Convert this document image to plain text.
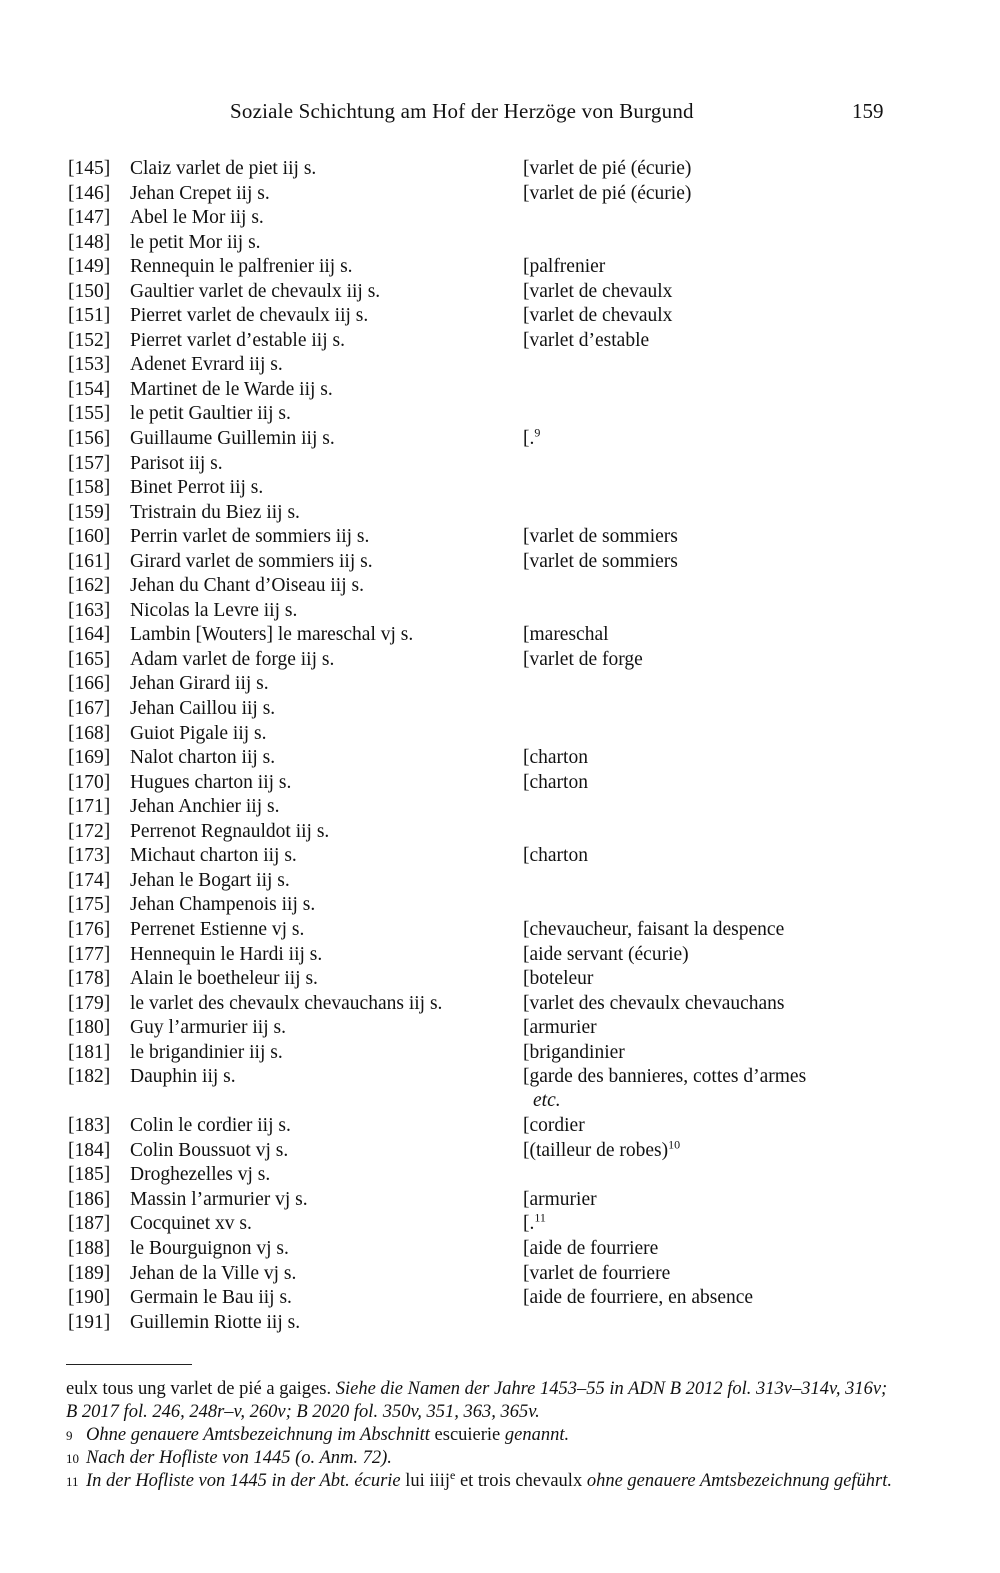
Soziale Schichtung am Hof der Herzöge von Burgund	159
[145] Claiz varlet de piet iij s.	[varlet de pié (écurie)
[146] Jehan Crepet iij s.	[varlet de pié (écurie)
[147] Abel le Mor iij s.
[148] le petit Mor iij s.
[149] Rennequin le palfrenier iij s.	[palfrenier
[150] Gaultier varlet de chevaulx iij s.	[varlet de chevaulx
[151] Pierret varlet de chevaulx iij s.	[varlet de chevaulx
[152] Pierret varlet d’estable iij s.	[varlet d’estable
[153] Adenet Evrard iij s.
[154] Martinet de le Warde iij s.
[155] le petit Gaultier iij s.
[156] Guillaume Guillemin iij s.	[.$^9$
[157] Parisot iij s.
[158] Binet Perrot iij s.
[159] Tristrain du Biez iij s.
[160] Perrin varlet de sommiers iij s.	[varlet de sommiers
[161] Girard varlet de sommiers iij s.	[varlet de sommiers
[162] Jehan du Chant d’Oiseau iij s.
[163] Nicolas la Levre iij s.
[164] Lambin [Wouters] le mareschal vj s.	[mareschal
[165] Adam varlet de forge iij s.	[varlet de forge
[166] Jehan Girard iij s.
[167] Jehan Caillou iij s.
[168] Guiot Pigale iij s.
[169] Nalot charton iij s.	[charton
[170] Hugues charton iij s.	[charton
[171] Jehan Anchier iij s.
[172] Perrenot Regnauldot iij s.
[173] Michaut charton iij s.	[charton
[174] Jehan le Bogart iij s.
[175] Jehan Champenois iij s.
[176] Perrenet Estienne vj s.	[chevaucheur, faisant la despence
[177] Hennequin le Hardi iij s.	[aide servant (écurie)
[178] Alain le boetheleur iij s.	[boteleur
[179] le varlet des chevaulx chevauchans iij s.	[varlet des chevaulx chevauchans
[180] Guy l’armurier iij s.	[armurier
[181] le brigandinier iij s.	[brigandinier
[182] Dauphin iij s.	[garde des bannieres, cottes d’armes
etc.
[183] Colin le cordier iij s.	[cordier
[184] Colin Boussuot vj s.	[(tailleur de robes)$^{10}$
[185] Droghezelles vj s.
[186] Massin l’armurier vj s.	[armurier
[187] Cocquinet xv s.	[.$^{11}$
[188] le Bourguignon vj s.	[aide de fourriere
[189] Jehan de la Ville vj s.	[varlet de fourriere
[190] Germain le Bau iij s.	[aide de fourriere, en absence
[191] Guillemin Riotte iij s.

eulx tous ung varlet de pié a gaiges. Siehe die Namen der Jahre 1453–55 in ADN B 2012 fol. 313v–314v, 316v; B 2017 fol. 246, 248r–v, 260v; B 2020 fol. 350v, 351, 363, 365v.

9 Ohne genauere Amtsbezeichnung im Abschnitt escuierie genannt.

10 Nach der Hofliste von 1445 (o. Anm. 72).

11 In der Hofliste von 1445 in der Abt. écurie lui iiij$^e$ et trois chevaulx ohne genauere Amtsbezeichnung geführt.
